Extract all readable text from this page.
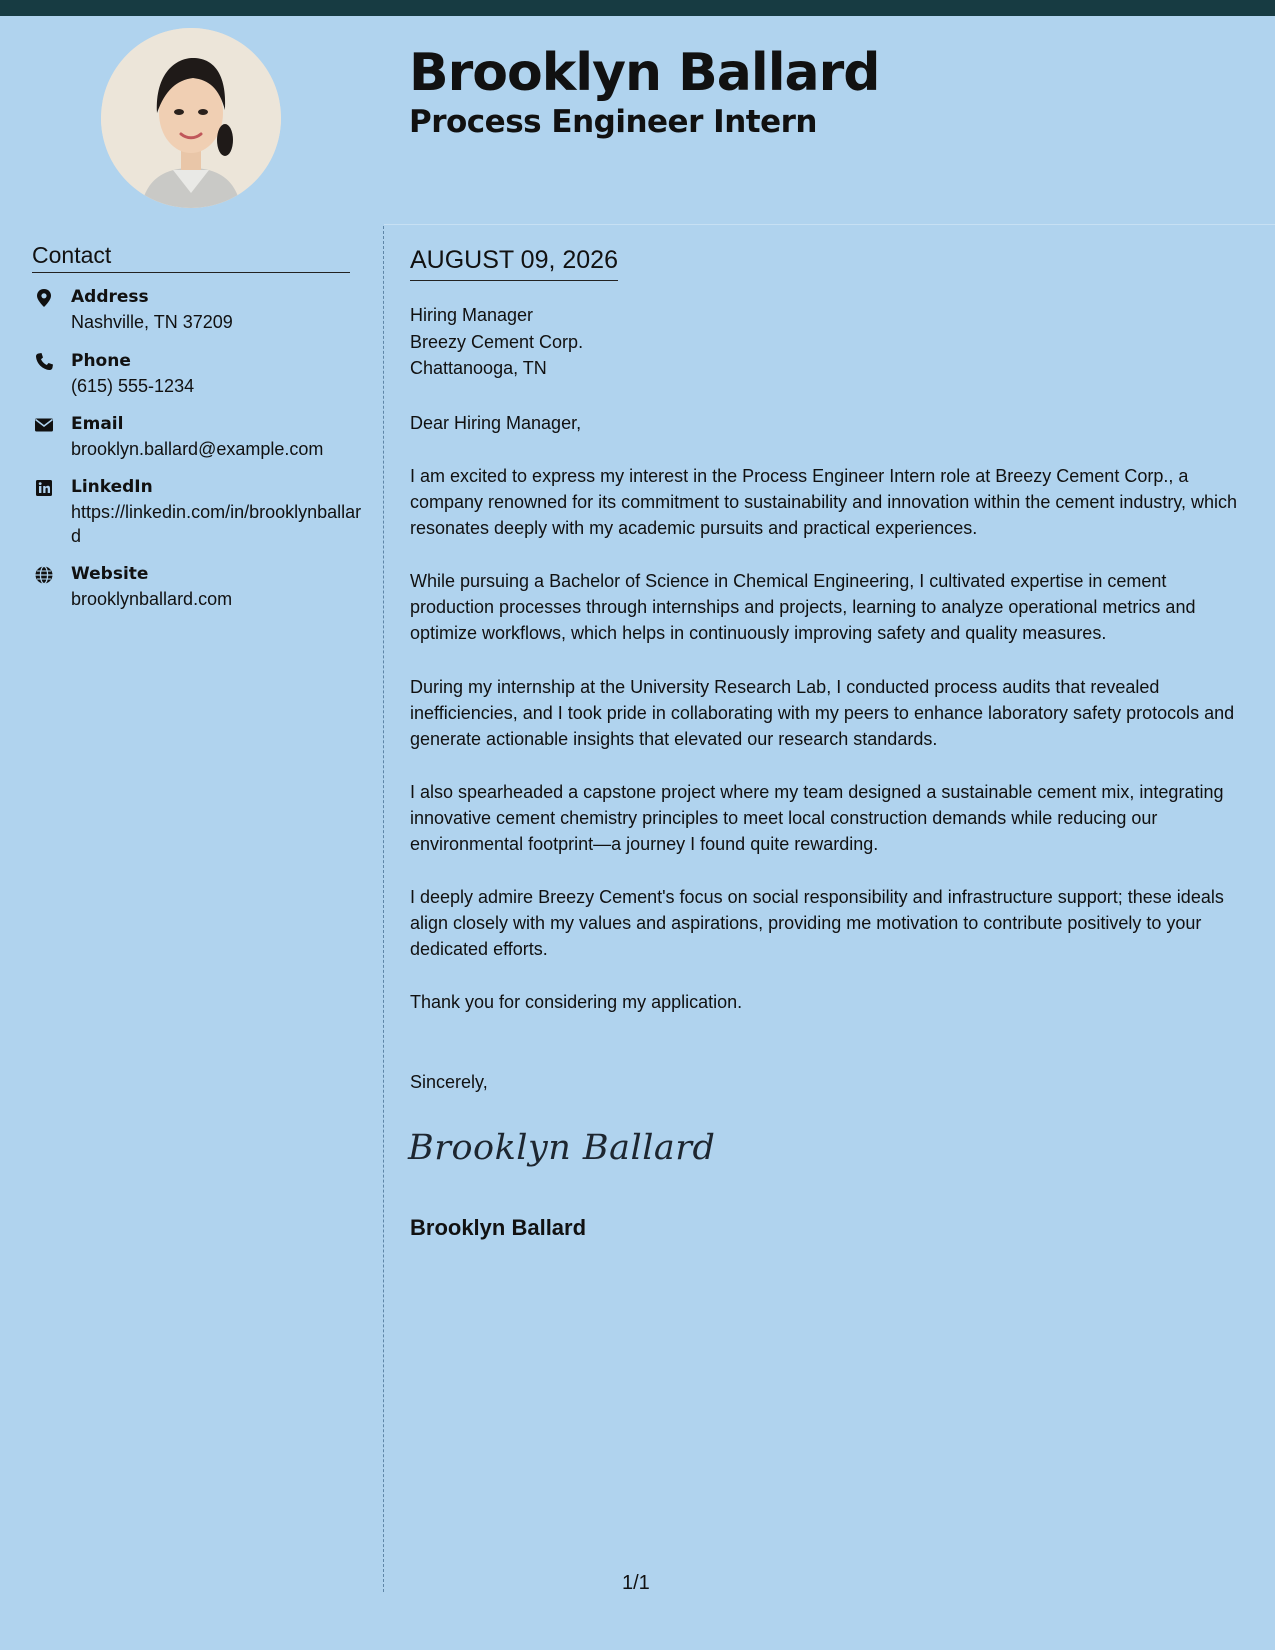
Brooklyn Ballard
Process Engineer Intern
Contact
Address
Nashville, TN 37209
Phone
(615) 555-1234
Email
brooklyn.ballard@example.com
LinkedIn
https://linkedin.com/in/brooklynballard
Website
brooklynballard.com
AUGUST 09, 2026
Hiring Manager
Breezy Cement Corp.
Chattanooga, TN
Dear Hiring Manager,

I am excited to express my interest in the Process Engineer Intern role at Breezy Cement Corp., a company renowned for its commitment to sustainability and innovation within the cement industry, which resonates deeply with my academic pursuits and practical experiences.

While pursuing a Bachelor of Science in Chemical Engineering, I cultivated expertise in cement production processes through internships and projects, learning to analyze operational metrics and optimize workflows, which helps in continuously improving safety and quality measures.

During my internship at the University Research Lab, I conducted process audits that revealed inefficiencies, and I took pride in collaborating with my peers to enhance laboratory safety protocols and generate actionable insights that elevated our research standards.

I also spearheaded a capstone project where my team designed a sustainable cement mix, integrating innovative cement chemistry principles to meet local construction demands while reducing our environmental footprint—a journey I found quite rewarding.

I deeply admire Breezy Cement's focus on social responsibility and infrastructure support; these ideals align closely with my values and aspirations, providing me motivation to contribute positively to your dedicated efforts.

Thank you for considering my application.
Sincerely,
Brooklyn Ballard
Brooklyn Ballard
1/1
